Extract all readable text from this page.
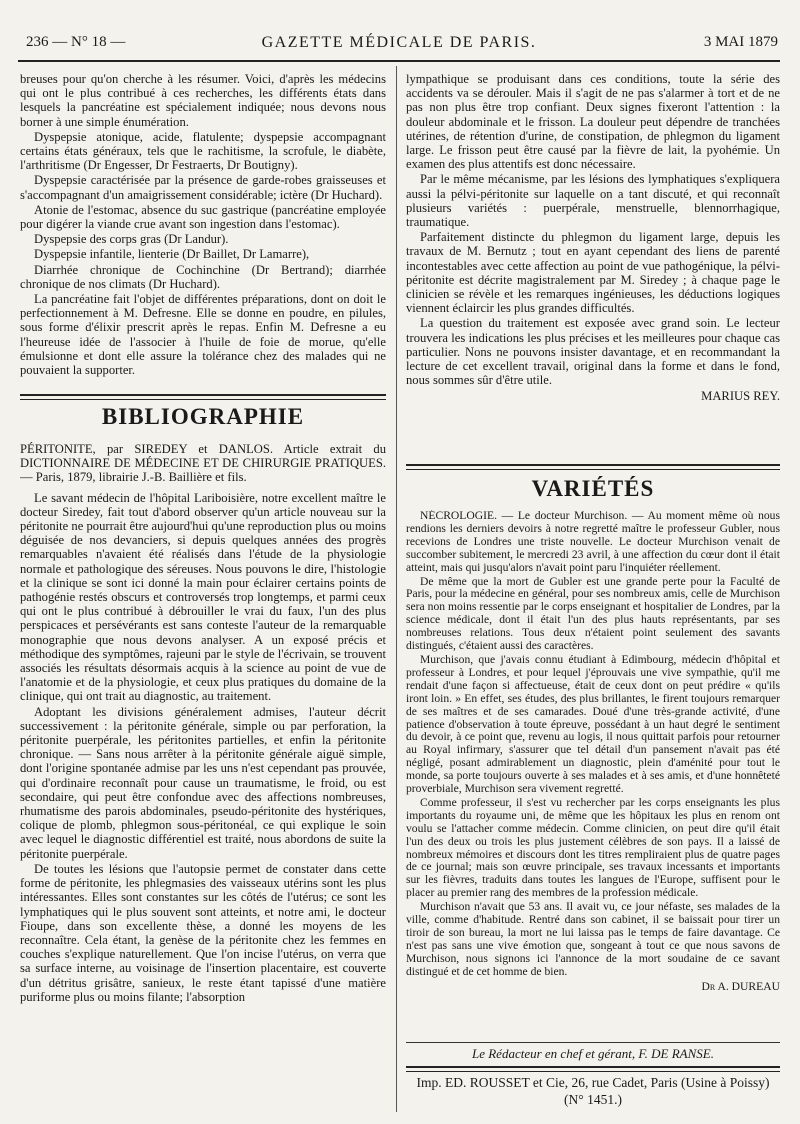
236 — N° 18 —	GAZETTE MÉDICALE DE PARIS.	3 MAI 1879

breuses pour qu'on cherche à les résumer. Voici, d'après les médecins qui ont le plus contribué à ces recherches, les différents états dans lesquels la pancréatine est spécialement indiquée; nous devons nous borner à une simple énumération.

Dyspepsie atonique, acide, flatulente; dyspepsie accompagnant certains états généraux, tels que le rachitisme, la scrofule, le diabète, l'arthritisme (Dr Engesser, Dr Festraerts, Dr Boutigny).

Dyspepsie caractérisée par la présence de garde-robes graisseuses et s'accompagnant d'un amaigrissement considérable; ictère (Dr Huchard).

Atonie de l'estomac, absence du suc gastrique (pancréatine employée pour digérer la viande crue avant son ingestion dans l'estomac).

Dyspepsie des corps gras (Dr Landur).

Dyspepsie infantile, lienterie (Dr Baillet, Dr Lamarre),

Diarrhée chronique de Cochinchine (Dr Bertrand); diarrhée chronique de nos climats (Dr Huchard).

La pancréatine fait l'objet de différentes préparations, dont on doit le perfectionnement à M. Defresne. Elle se donne en poudre, en pilules, sous forme d'élixir prescrit après le repas. Enfin M. Defresne a eu l'heureuse idée de l'associer à l'huile de foie de morue, qu'elle émulsionne et dont elle assure la tolérance chez des malades qui ne pouvaient la supporter.

BIBLIOGRAPHIE

PÉRITONITE, par SIREDEY et DANLOS. Article extrait du DICTIONNAIRE DE MÉDECINE ET DE CHIRURGIE PRATIQUES. — Paris, 1879, librairie J.-B. Baillière et fils.

Le savant médecin de l'hôpital Lariboisière, notre excellent maître le docteur Siredey, fait tout d'abord observer qu'un article nouveau sur la péritonite ne pourrait être aujourd'hui qu'une reproduction plus ou moins déguisée de nos devanciers, si depuis quelques années des progrès remarquables n'avaient été réalisés dans l'étude de la physiologie normale et pathologique des séreuses. Nous pouvons le dire, l'histologie et la clinique se sont ici donné la main pour éclairer certains points de pathogénie restés obscurs et controversés trop longtemps, et parmi ceux qui ont le plus contribué à débrouiller le vrai du faux, l'un des plus perspicaces et persévérants est sans conteste l'auteur de la remarquable monographie que nous devons analyser. A un exposé précis et méthodique des symptômes, rajeuni par le style de l'écrivain, se trouvent associés les résultats désormais acquis à la science au point de vue de l'anatomie et de la physiologie, et ceux plus pratiques du domaine de la clinique, qui ont trait au diagnostic, au traitement.

Adoptant les divisions généralement admises, l'auteur décrit successivement : la péritonite générale, simple ou par perforation, la péritonite puerpérale, les péritonites partielles, et enfin la péritonite chronique. — Sans nous arrêter à la péritonite générale aiguë simple, dont l'origine spontanée admise par les uns n'est cependant pas prouvée, qui d'ordinaire reconnaît pour cause un traumatisme, le froid, ou est secondaire, qui peut être confondue avec des affections nombreuses, rhumatisme des parois abdominales, pseudo-péritonite des hystériques, colique de plomb, phlegmon sous-péritonéal, ce qui explique le soin avec lequel le diagnostic différentiel est traité, nous abordons de suite la péritonite puerpérale.

De toutes les lésions que l'autopsie permet de constater dans cette forme de péritonite, les phlegmasies des vaisseaux utérins sont les plus intéressantes. Elles sont constantes sur les côtés de l'utérus; ce sont les lymphatiques qui le plus souvent sont atteints, et notre ami, le docteur Fioupe, dans son excellente thèse, a donné les moyens de les reconnaître. Cela étant, la genèse de la péritonite chez les femmes en couches s'explique naturellement. Que l'on incise l'utérus, on verra que sa surface interne, au voisinage de l'insertion placentaire, est couverte d'un détritus grisâtre, sanieux, le reste étant tapissé d'une matière puriforme plus ou moins filante; l'absorption

lympathique se produisant dans ces conditions, toute la série des accidents va se dérouler. Mais il s'agit de ne pas s'alarmer à tort et de ne pas non plus être trop confiant. Deux signes fixeront l'attention : la douleur abdominale et le frisson. La douleur peut dépendre de tranchées utérines, de rétention d'urine, de constipation, de phlegmon du ligament large. Le frisson peut être causé par la fièvre de lait, la pyohémie. Un examen des plus attentifs est donc nécessaire.

Par le même mécanisme, par les lésions des lymphatiques s'expliquera aussi la pélvi-péritonite sur laquelle on a tant discuté, et qui reconnaît plusieurs variétés : puerpérale, menstruelle, blennorrhagique, traumatique.

Parfaitement distincte du phlegmon du ligament large, depuis les travaux de M. Bernutz ; tout en ayant cependant des liens de parenté incontestables avec cette affection au point de vue pathogénique, la pélvi-péritonite est décrite magistralement par M. Siredey ; à chaque page le clinicien se révèle et les remarques ingénieuses, les déductions logiques viennent éclaircir les plus grandes difficultés.

La question du traitement est exposée avec grand soin. Le lecteur trouvera les indications les plus précises et les meilleures pour chaque cas particulier. Nons ne pouvons insister davantage, et en recommandant la lecture de cet excellent travail, original dans la forme et dans le fond, nous sommes sûr d'être utile.

MARIUS REY.
VARIÉTÉS

NÉCROLOGIE. — Le docteur Murchison. — Au moment même où nous rendions les derniers devoirs à notre regretté maître le professeur Gubler, nous recevions de Londres une triste nouvelle. Le docteur Murchison venait de succomber subitement, le mercredi 23 avril, à une affection du cœur dont il était atteint, mais qui jusqu'alors n'avait point paru l'inquiéter réellement.

De même que la mort de Gubler est une grande perte pour la Faculté de Paris, pour la médecine en général, pour ses nombreux amis, celle de Murchison sera non moins ressentie par le corps enseignant et hospitalier de Londres, par la science médicale, dont il était l'un des plus hauts représentants, par ses nombreuses relations. Tous deux n'étaient point seulement des savants distingués, c'étaient aussi des caractères.

Murchison, que j'avais connu étudiant à Edimbourg, médecin d'hôpital et professeur à Londres, et pour lequel j'éprouvais une vive sympathie, qu'il me rendait d'une façon si affectueuse, était de ceux dont on peut prédire « qu'ils iront loin. » En effet, ses études, des plus brillantes, le firent toujours remarquer de ses maîtres et de ses camarades. Doué d'une très-grande activité, d'une patience d'observation à toute épreuve, possédant à un haut degré le sentiment du devoir, à ce point que, revenu au logis, il nous quittait parfois pour retourner au Royal infirmary, s'assurer que tel détail d'un pansement n'avait pas été négligé, posant admirablement un diagnostic, plein d'aménité pour tout le monde, sa porte toujours ouverte à ses malades et à ses amis, et d'une honnêteté proverbiale, Murchison sera vivement regretté.

Comme professeur, il s'est vu rechercher par les corps enseignants les plus importants du royaume uni, de même que les hôpitaux les plus en renom ont voulu se l'attacher comme médecin. Comme clinicien, on peut dire qu'il était l'un des deux ou trois les plus justement célèbres de son pays. Il a laissé de nombreux mémoires et discours dont les titres rempliraient plus de quatre pages de ce journal; mais son œuvre principale, ses travaux incessants et importants sur les fièvres, traduits dans toutes les langues de l'Europe, suffisent pour le placer au premier rang des membres de la profession médicale.

Murchison n'avait que 53 ans. Il avait vu, ce jour néfaste, ses malades de la ville, comme d'habitude. Rentré dans son cabinet, il se baissait pour tirer un tiroir de son bureau, la mort ne lui laissa pas le temps de faire davantage. Ce n'est pas sans une vive émotion que, songeant à tout ce que nous savons de Murchison, nous signons ici l'annonce de la mort soudaine de ce savant distingué et de cet homme de bien.

Dr A. DUREAU
Le Rédacteur en chef et gérant, F. DE RANSE.
Imp. ED. ROUSSET et Cie, 26, rue Cadet, Paris (Usine à Poissy)
(N° 1451.)
